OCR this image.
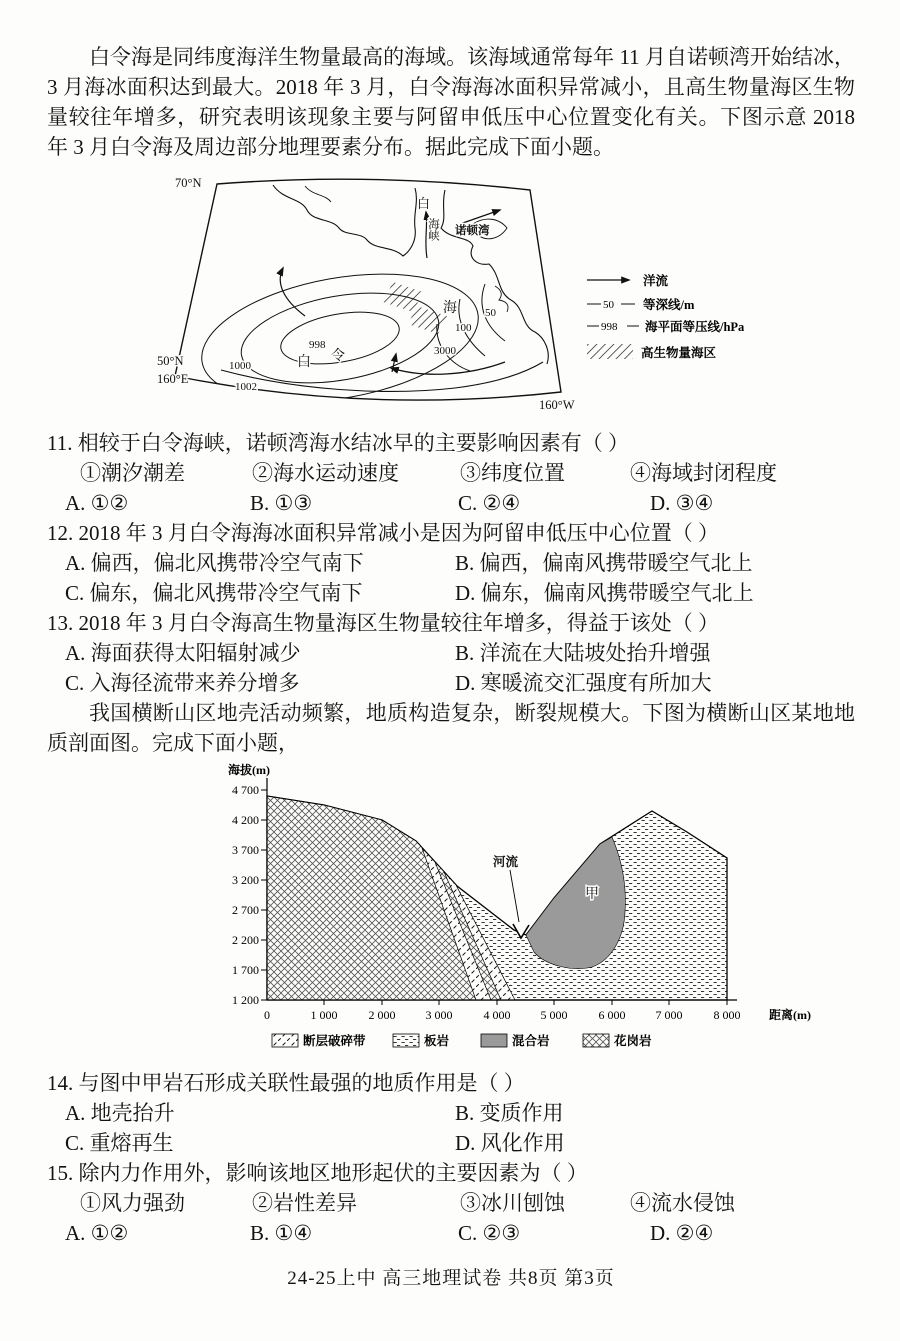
白令海是同纬度海洋生物量最高的海域。该海域通常每年 11 月自诺顿湾开始结冰，3 月海冰面积达到最大。2018 年 3 月，白令海海冰面积异常减小，且高生物量海区生物量较往年增多，研究表明该现象主要与阿留申低压中心位置变化有关。下图示意 2018 年 3 月白令海及周边部分地理要素分布。据此完成下面小题。

70°N
50°N
160°E
160°W
白
海峡 诺顿湾
白 令
海	50
100
3000
998
1000
1002
洋流
50 等深线/m
998 海平面等压线/hPa
高生物量海区
11. 相较于白令海峡，诺顿湾海水结冰早的主要影响因素有（ ）
①潮汐潮差	②海水运动速度	③纬度位置	④海域封闭程度
A. ①②	B. ①③	C. ②④	D. ③④
12. 2018 年 3 月白令海海冰面积异常减小是因为阿留申低压中心位置（ ）
A. 偏西，偏北风携带冷空气南下	B. 偏西，偏南风携带暖空气北上
C. 偏东，偏北风携带冷空气南下	D. 偏东，偏南风携带暖空气北上
13. 2018 年 3 月白令海高生物量海区生物量较往年增多，得益于该处（ ）
A. 海面获得太阳辐射减少	B. 洋流在大陆坡处抬升增强
C. 入海径流带来养分增多	D. 寒暖流交汇强度有所加大

我国横断山区地壳活动频繁，地质构造复杂，断裂规模大。下图为横断山区某地地质剖面图。完成下面小题，

海拔(m)
4 700
4 200
3 700
3 200
2 700
2 200
1 700
1 200
0	1 000	2 000	3 000	4 000	5 000	6 000	7 000	8 000 距离(m)
河流
甲
断层破碎带	板岩	混合岩	花岗岩
14. 与图中甲岩石形成关联性最强的地质作用是（ ）
A. 地壳抬升	B. 变质作用
C. 重熔再生	D. 风化作用
15. 除内力作用外，影响该地区地形起伏的主要因素为（ ）
①风力强劲	②岩性差异	③冰川刨蚀	④流水侵蚀
A. ①②	B. ①④	C. ②③	D. ②④
24-25上中 高三地理试卷 共8页 第3页
